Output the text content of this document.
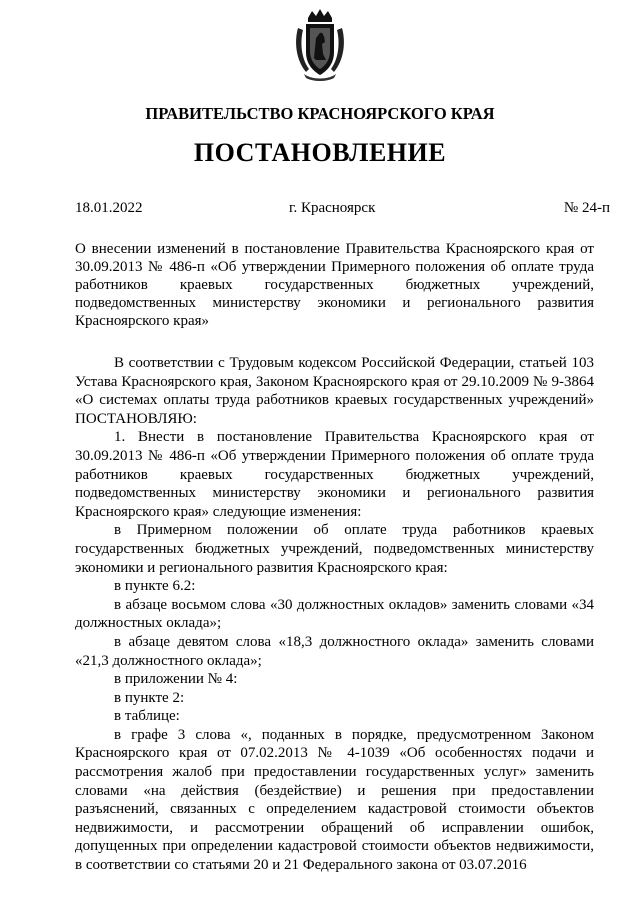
ПРАВИТЕЛЬСТВО КРАСНОЯРСКОГО КРАЯ
ПОСТАНОВЛЕНИЕ
18.01.2022	г. Красноярск	№ 24-п
О внесении изменений в постановление Правительства Красноярского края от 30.09.2013 № 486-п «Об утверждении Примерного положения об оплате труда работников краевых государственных бюджетных учреждений, подведомственных министерству экономики и регионального развития Красноярского края»

В соответствии с Трудовым кодексом Российской Федерации, статьей 103 Устава Красноярского края, Законом Красноярского края от 29.10.2009 № 9-3864 «О системах оплаты труда работников краевых государственных учреждений» ПОСТАНОВЛЯЮ:

1. Внести в постановление Правительства Красноярского края от 30.09.2013 № 486-п «Об утверждении Примерного положения об оплате труда работников краевых государственных бюджетных учреждений, подведомственных министерству экономики и регионального развития Красноярского края» следующие изменения:

в Примерном положении об оплате труда работников краевых государственных бюджетных учреждений, подведомственных министерству экономики и регионального развития Красноярского края:

в пункте 6.2:

в абзаце восьмом слова «30 должностных окладов» заменить словами «34 должностных оклада»;

в абзаце девятом слова «18,3 должностного оклада» заменить словами «21,3 должностного оклада»;

в приложении № 4:

в пункте 2:

в таблице:

в графе 3 слова «, поданных в порядке, предусмотренном Законом Красноярского края от 07.02.2013 № 4-1039 «Об особенностях подачи и рассмотрения жалоб при предоставлении государственных услуг» заменить словами «на действия (бездействие) и решения при предоставлении разъяснений, связанных с определением кадастровой стоимости объектов недвижимости, и рассмотрении обращений об исправлении ошибок, допущенных при определении кадастровой стоимости объектов недвижимости, в соответствии со статьями 20 и 21 Федерального закона от 03.07.2016
